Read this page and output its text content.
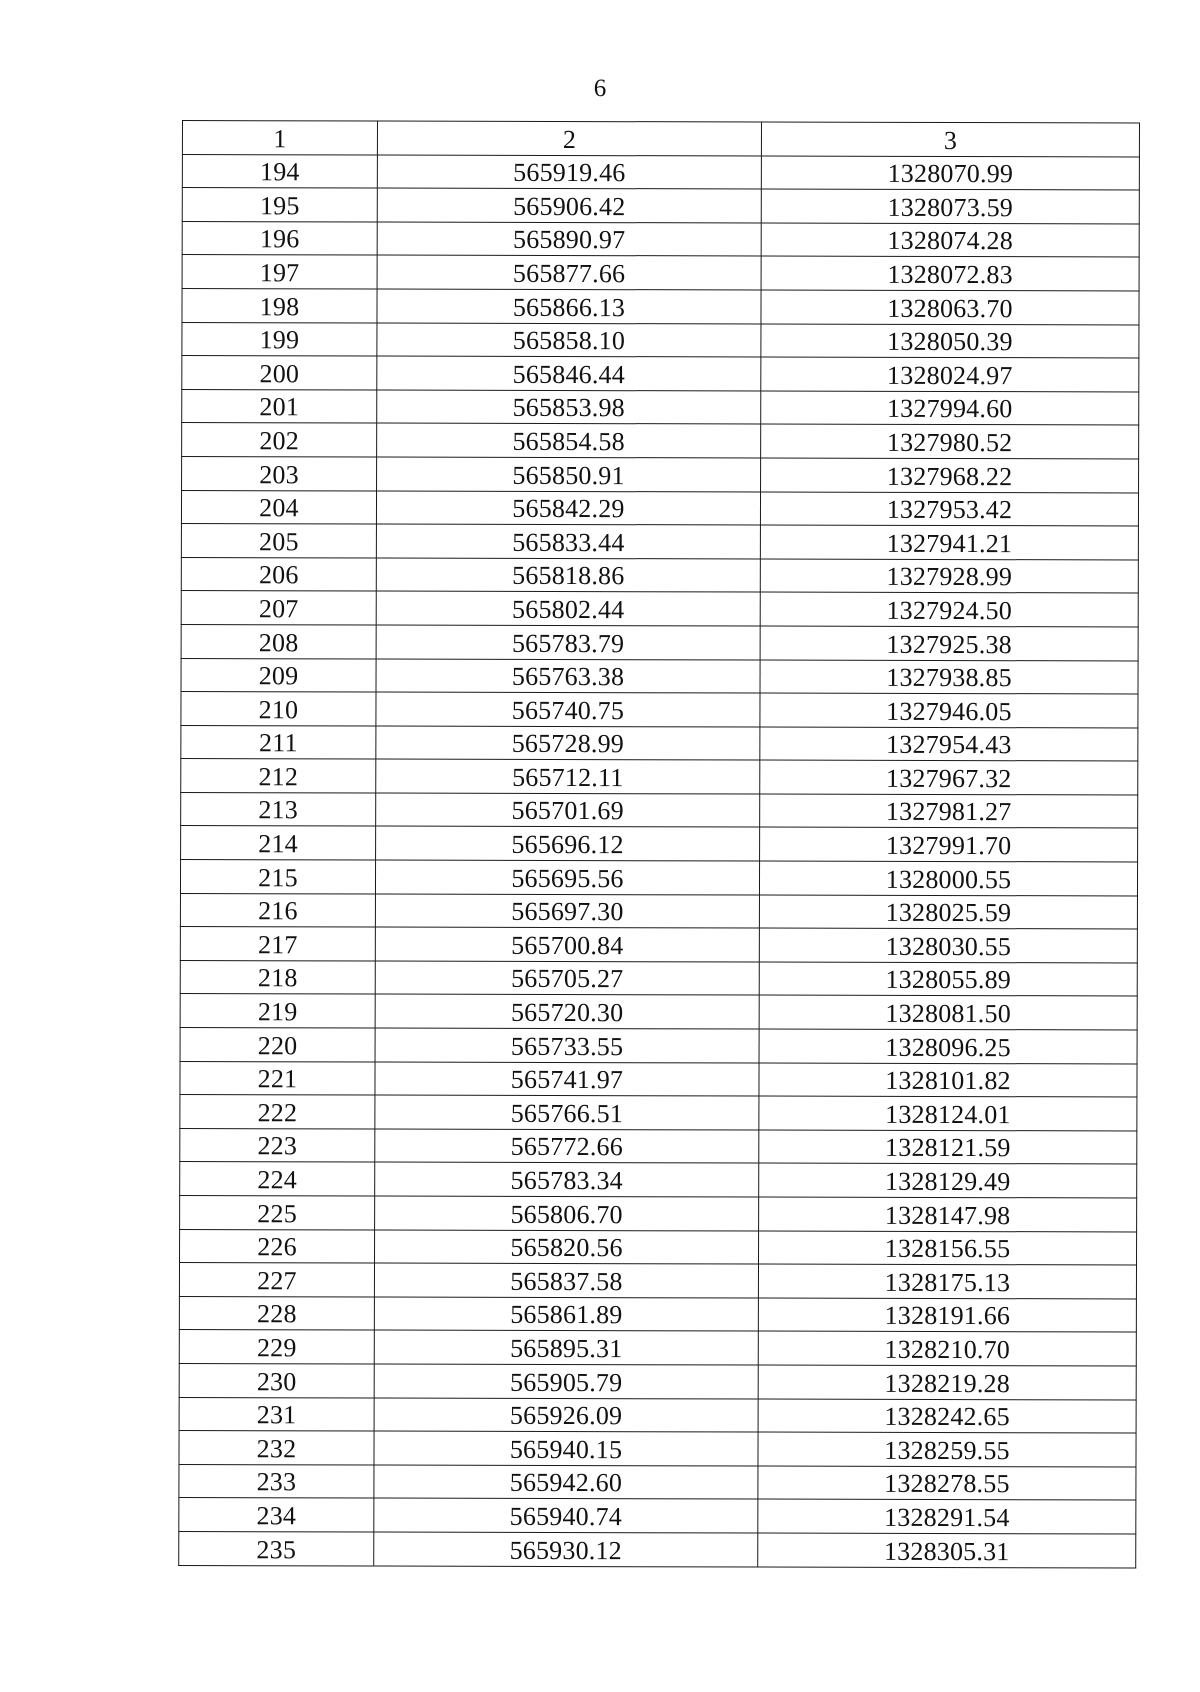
6
1	2	3
194	565919.46	1328070.99
195	565906.42	1328073.59
196	565890.97	1328074.28
197	565877.66	1328072.83
198	565866.13	1328063.70
199	565858.10	1328050.39
200	565846.44	1328024.97
201	565853.98	1327994.60
202	565854.58	1327980.52
203	565850.91	1327968.22
204	565842.29	1327953.42
205	565833.44	1327941.21
206	565818.86	1327928.99
207	565802.44	1327924.50
208	565783.79	1327925.38
209	565763.38	1327938.85
210	565740.75	1327946.05
211	565728.99	1327954.43
212	565712.11	1327967.32
213	565701.69	1327981.27
214	565696.12	1327991.70
215	565695.56	1328000.55
216	565697.30	1328025.59
217	565700.84	1328030.55
218	565705.27	1328055.89
219	565720.30	1328081.50
220	565733.55	1328096.25
221	565741.97	1328101.82
222	565766.51	1328124.01
223	565772.66	1328121.59
224	565783.34	1328129.49
225	565806.70	1328147.98
226	565820.56	1328156.55
227	565837.58	1328175.13
228	565861.89	1328191.66
229	565895.31	1328210.70
230	565905.79	1328219.28
231	565926.09	1328242.65
232	565940.15	1328259.55
233	565942.60	1328278.55
234	565940.74	1328291.54
235	565930.12	1328305.31
